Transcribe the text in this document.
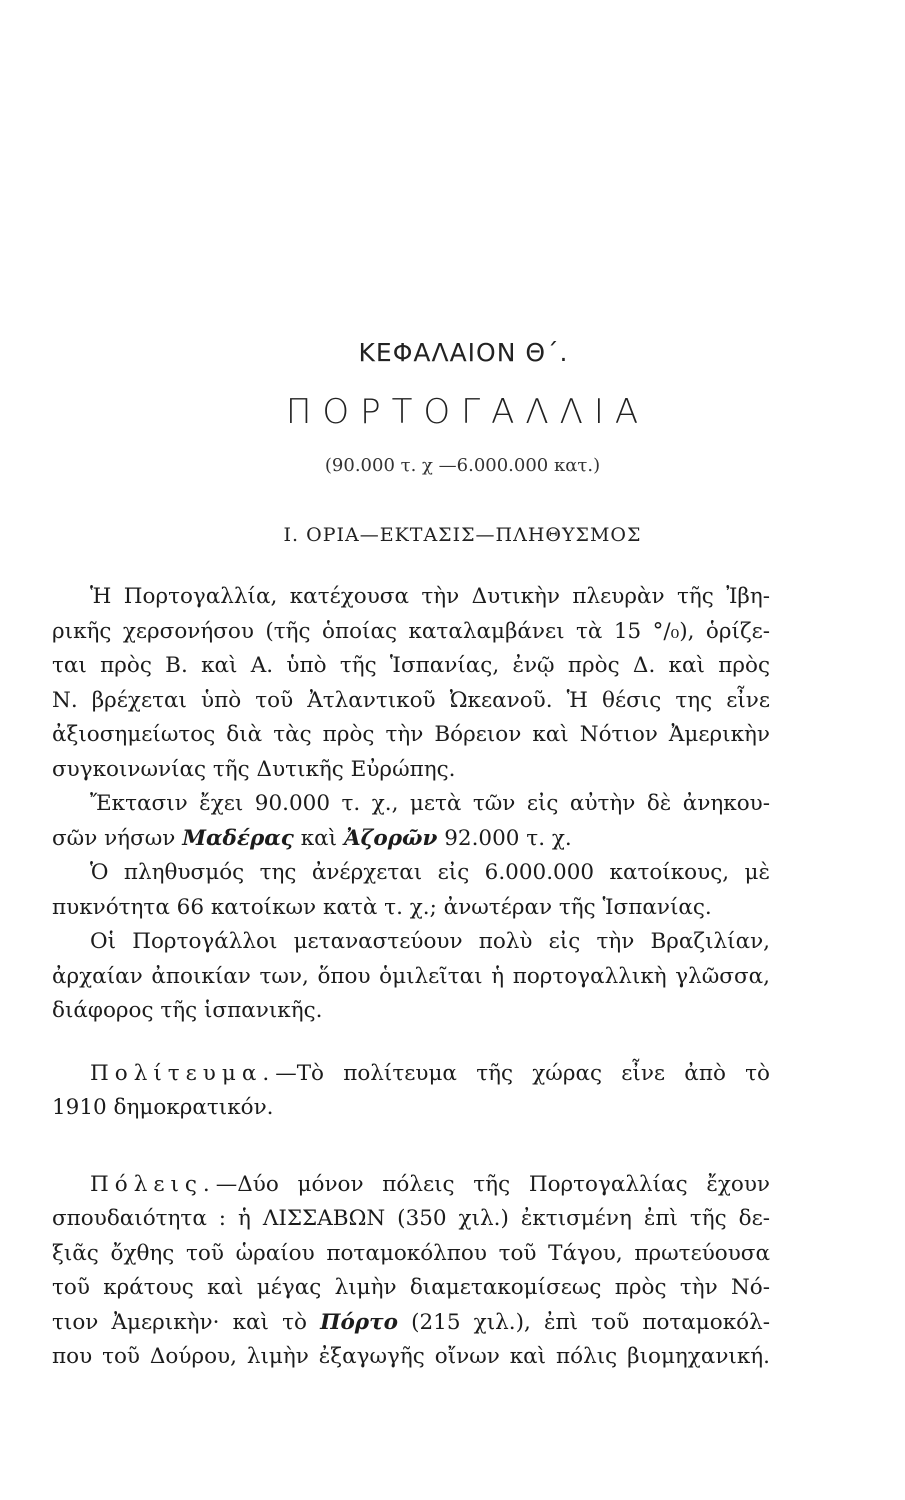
ΚΕΦΑΛΑΙΟΝ Θ΄.
ΠΟΡΤΟΓΑΛΛΙΑ
(90.000 τ. χ —6.000.000 κατ.)
Ι. ΟΡΙΑ—ΕΚΤΑΣΙΣ—ΠΛΗΘΥΣΜΟΣ
Ἡ Πορτογαλλία, κατέχουσα τὴν Δυτικὴν πλευρὰν τῆς Ἰβη-
ρικῆς χερσονήσου (τῆς ὁποίας καταλαμβάνει τὰ 15 °/₀), ὁρίζε-
ται πρὸς Β. καὶ Α. ὑπὸ τῆς Ἱσπανίας, ἐνῷ πρὸς Δ. καὶ πρὸς
Ν. βρέχεται ὑπὸ τοῦ Ἀτλαντικοῦ Ὠκεανοῦ. Ἡ θέσις της εἶνε
ἀξιοσημείωτος διὰ τὰς πρὸς τὴν Βόρειον καὶ Νότιον Ἀμερικὴν
συγκοινωνίας τῆς Δυτικῆς Εὐρώπης.
Ἔκτασιν ἔχει 90.000 τ. χ., μετὰ τῶν εἰς αὐτὴν δὲ ἀνηκου-
σῶν νήσων Μαδέρας καὶ Ἀζορῶν 92.000 τ. χ.
Ὁ πληθυσμός της ἀνέρχεται εἰς 6.000.000 κατοίκους, μὲ
πυκνότητα 66 κατοίκων κατὰ τ. χ.; ἀνωτέραν τῆς Ἱσπανίας.
Οἱ Πορτογάλλοι μεταναστεύουν πολὺ εἰς τὴν Βραζιλίαν,
ἀρχαίαν ἀποικίαν των, ὅπου ὁμιλεῖται ἡ πορτογαλλικὴ γλῶσσα,
διάφορος τῆς ἱσπανικῆς.
Πολίτευμα.—Τὸ πολίτευμα τῆς χώρας εἶνε ἀπὸ τὸ
1910 δημοκρατικόν.
Πόλεις.—Δύο μόνον πόλεις τῆς Πορτογαλλίας ἔχουν
σπουδαιότητα : ἡ ΛΙΣΣΑΒΩΝ (350 χιλ.) ἐκτισμένη ἐπὶ τῆς δε-
ξιᾶς ὄχθης τοῦ ὡραίου ποταμοκόλπου τοῦ Τάγου, πρωτεύουσα
τοῦ κράτους καὶ μέγας λιμὴν διαμετακομίσεως πρὸς τὴν Νό-
τιον Ἀμερικὴν· καὶ τὸ Πόρτο (215 χιλ.), ἐπὶ τοῦ ποταμοκόλ-
που τοῦ Δούρου, λιμὴν ἐξαγωγῆς οἴνων καὶ πόλις βιομηχανική.
